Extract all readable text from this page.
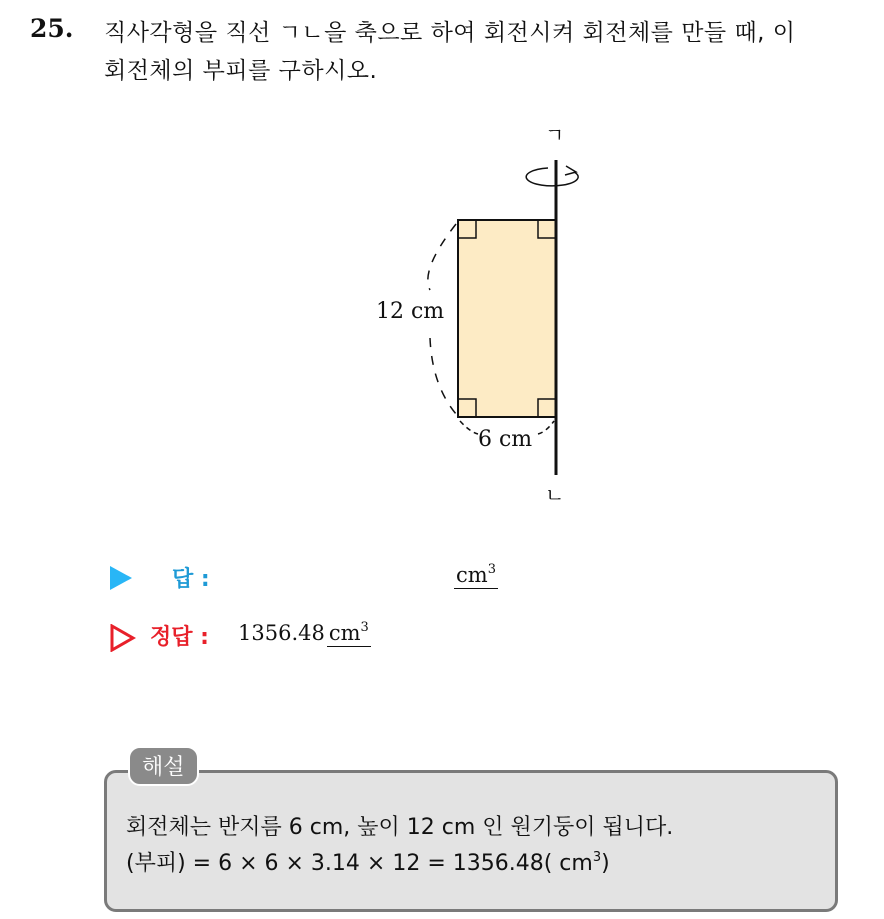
25. 직사각형을 직선 ㄱㄴ을 축으로 하여 회전시켜 회전체를 만들 때, 이
회전체의 부피를 구하시오.
ㄱ
ㄴ
12 cm
6 cm
답 :	$cm^3$
정답 : 1356.48 $cm^3$
해설
회전체는 반지름 6 cm, 높이 12 cm 인 원기둥이 됩니다.
(부피) = 6 × 6 × 3.14 × 12 = 1356.48( $cm^3$)
